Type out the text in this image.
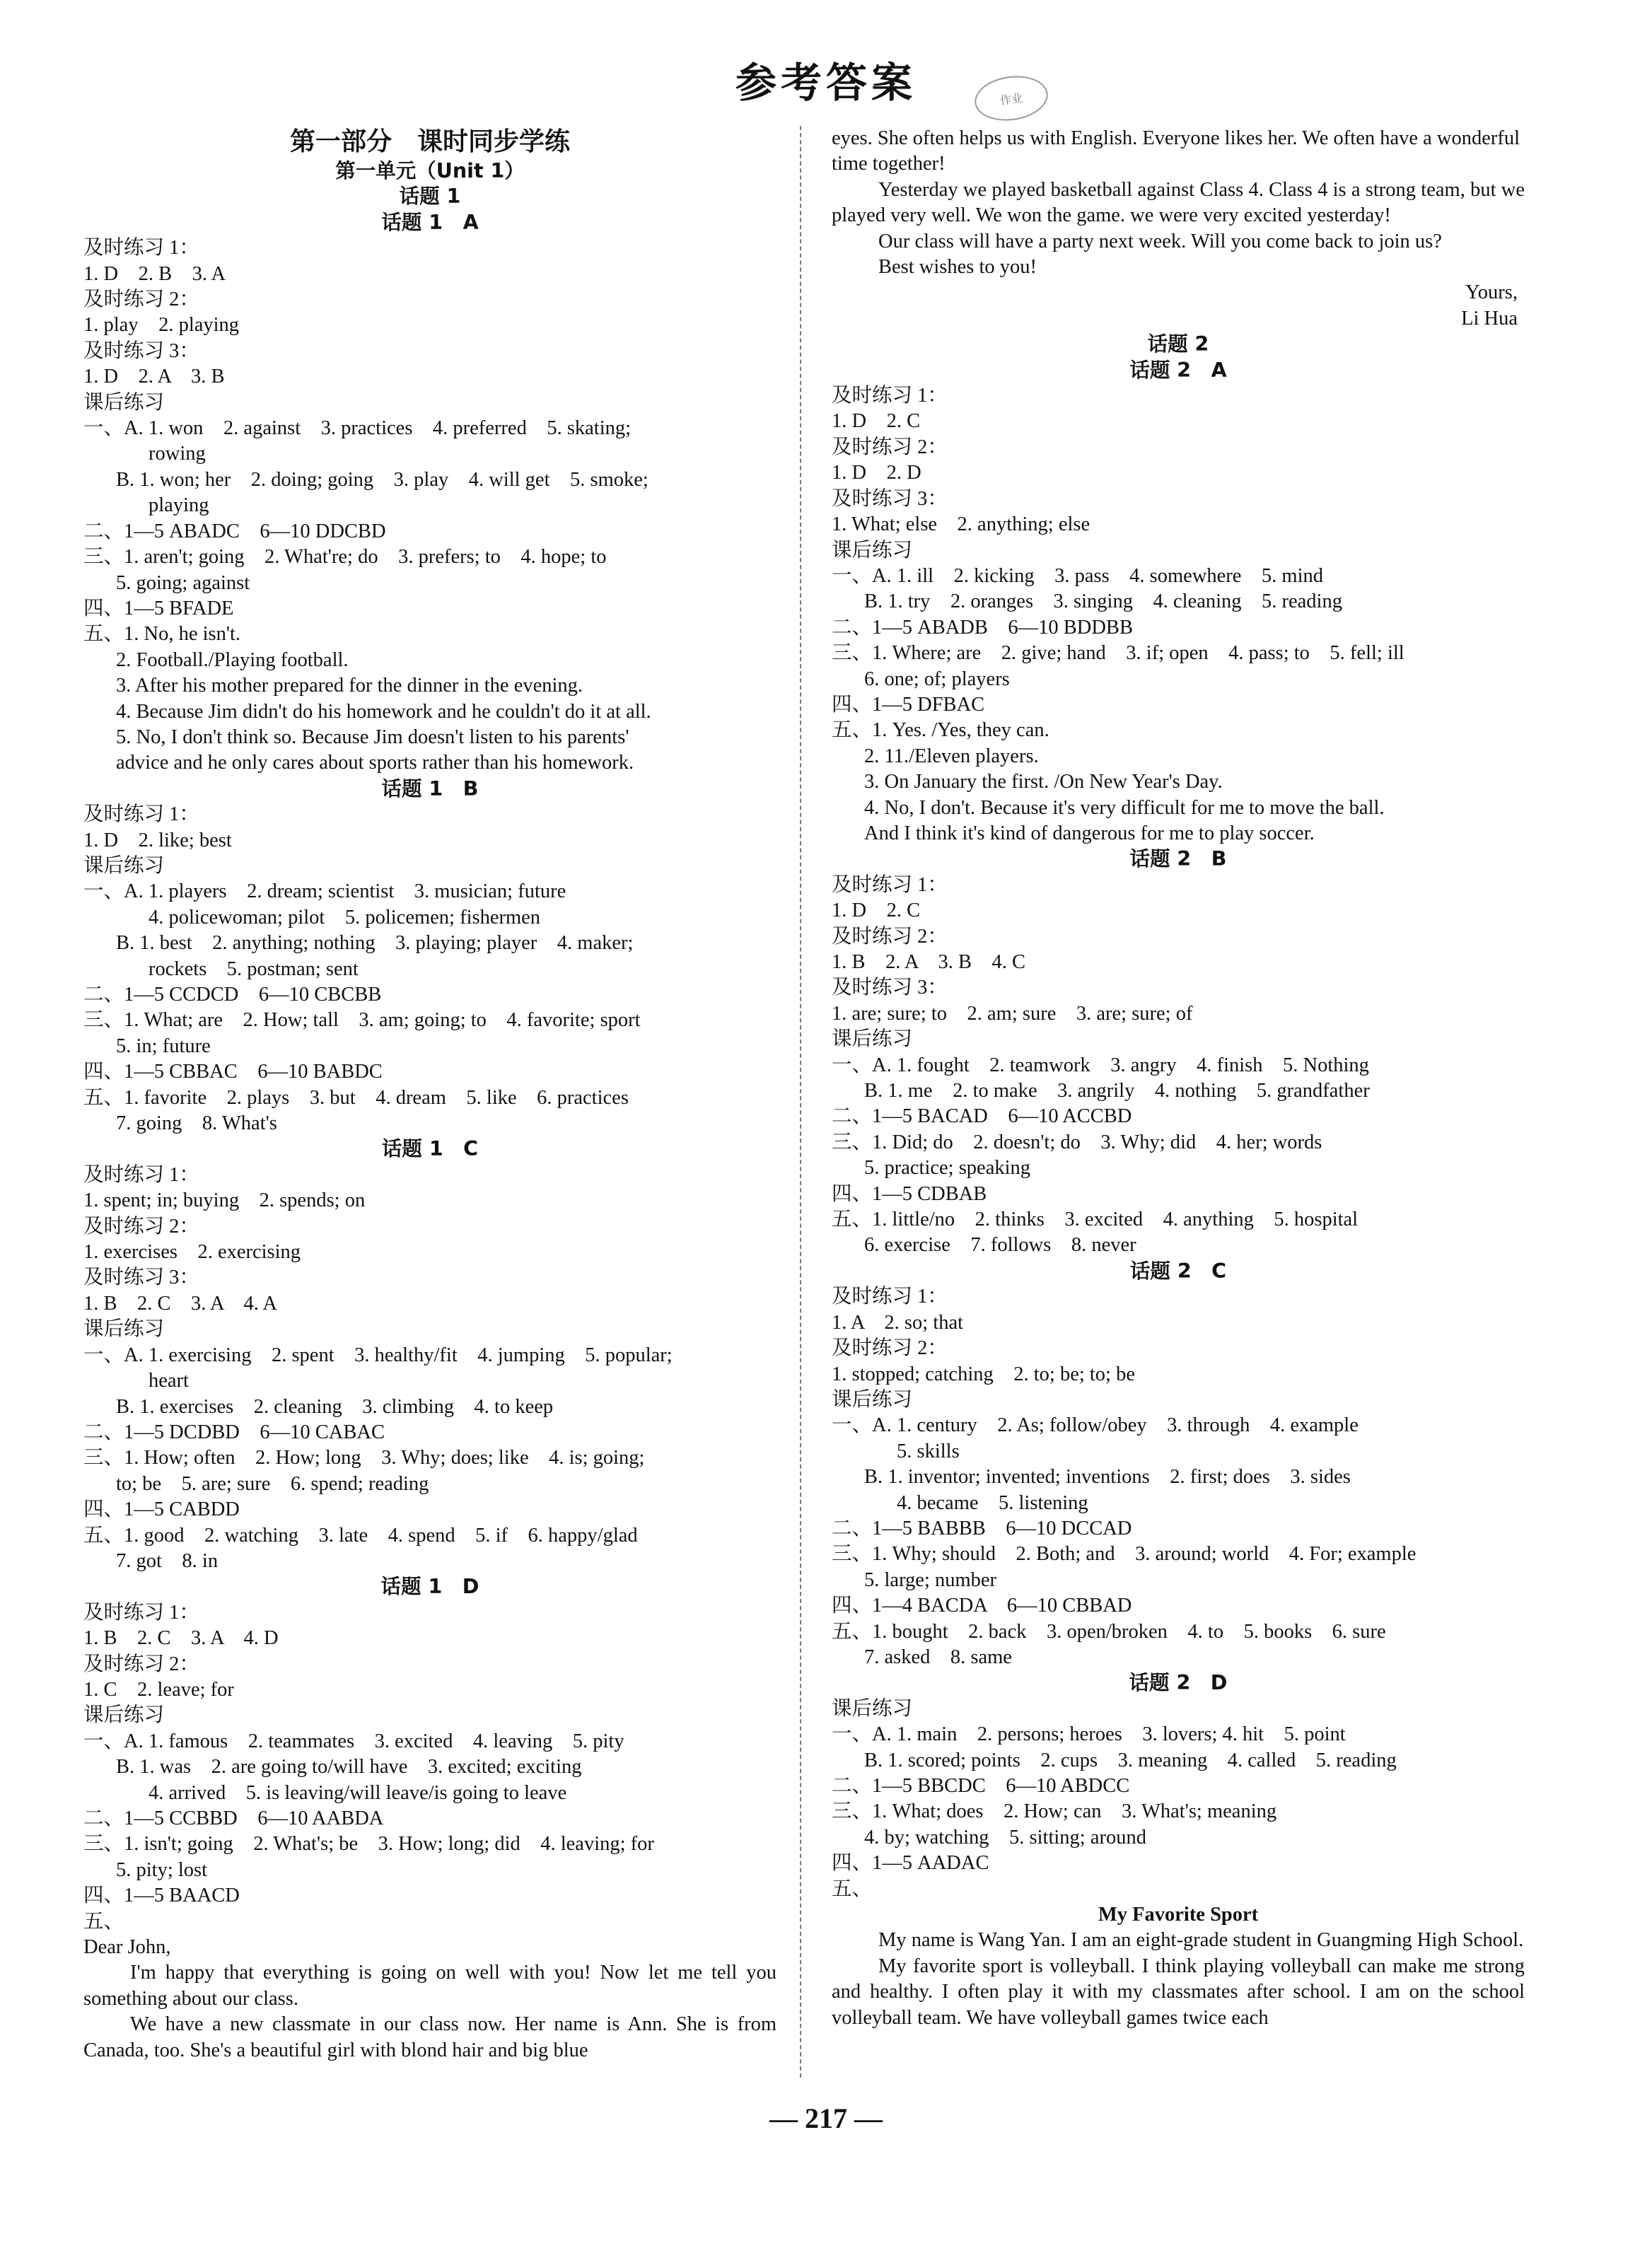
参考答案	作业
第一部分　课时同步学练
第一单元（Unit 1）
话题 1
话题 1　A
及时练习 1：
1. D　2. B　3. A
及时练习 2：
1. play　2. playing
及时练习 3：
1. D　2. A　3. B
课后练习
一、A. 1. won　2. against　3. practices　4. preferred　5. skating;
rowing
B. 1. won; her　2. doing; going　3. play　4. will get　5. smoke;
playing
二、1—5 ABADC　6—10 DDCBD
三、1. aren't; going　2. What're; do　3. prefers; to　4. hope; to
5. going; against
四、1—5 BFADE
五、1. No, he isn't.
2. Football./Playing football.
3. After his mother prepared for the dinner in the evening.
4. Because Jim didn't do his homework and he couldn't do it at all.
5. No, I don't think so. Because Jim doesn't listen to his parents'
advice and he only cares about sports rather than his homework.
话题 1　B
及时练习 1：
1. D　2. like; best
课后练习
一、A. 1. players　2. dream; scientist　3. musician; future
4. policewoman; pilot　5. policemen; fishermen
B. 1. best　2. anything; nothing　3. playing; player　4. maker;
rockets　5. postman; sent
二、1—5 CCDCD　6—10 CBCBB
三、1. What; are　2. How; tall　3. am; going; to　4. favorite; sport
5. in; future
四、1—5 CBBAC　6—10 BABDC
五、1. favorite　2. plays　3. but　4. dream　5. like　6. practices
7. going　8. What's
话题 1　C
及时练习 1：
1. spent; in; buying　2. spends; on
及时练习 2：
1. exercises　2. exercising
及时练习 3：
1. B　2. C　3. A　4. A
课后练习
一、A. 1. exercising　2. spent　3. healthy/fit　4. jumping　5. popular;
heart
B. 1. exercises　2. cleaning　3. climbing　4. to keep
二、1—5 DCDBD　6—10 CABAC
三、1. How; often　2. How; long　3. Why; does; like　4. is; going;
to; be　5. are; sure　6. spend; reading
四、1—5 CABDD
五、1. good　2. watching　3. late　4. spend　5. if　6. happy/glad
7. got　8. in
话题 1　D
及时练习 1：
1. B　2. C　3. A　4. D
及时练习 2：
1. C　2. leave; for
课后练习
一、A. 1. famous　2. teammates　3. excited　4. leaving　5. pity
B. 1. was　2. are going to/will have　3. excited; exciting
4. arrived　5. is leaving/will leave/is going to leave
二、1—5 CCBBD　6—10 AABDA
三、1. isn't; going　2. What's; be　3. How; long; did　4. leaving; for
5. pity; lost
四、1—5 BAACD
五、
Dear John,
I'm happy that everything is going on well with you! Now let me tell you something about our class.
We have a new classmate in our class now. Her name is Ann. She is from Canada, too. She's a beautiful girl with blond hair and big blue
eyes. She often helps us with English. Everyone likes her. We often have a wonderful time together!
Yesterday we played basketball against Class 4. Class 4 is a strong team, but we played very well. We won the game. we were very excited yesterday!
Our class will have a party next week. Will you come back to join us?
Best wishes to you!
Yours,
Li Hua
话题 2
话题 2　A
及时练习 1：
1. D　2. C
及时练习 2：
1. D　2. D
及时练习 3：
1. What; else　2. anything; else
课后练习
一、A. 1. ill　2. kicking　3. pass　4. somewhere　5. mind
B. 1. try　2. oranges　3. singing　4. cleaning　5. reading
二、1—5 ABADB　6—10 BDDBB
三、1. Where; are　2. give; hand　3. if; open　4. pass; to　5. fell; ill
6. one; of; players
四、1—5 DFBAC
五、1. Yes. /Yes, they can.
2. 11./Eleven players.
3. On January the first. /On New Year's Day.
4. No, I don't. Because it's very difficult for me to move the ball.
And I think it's kind of dangerous for me to play soccer.
话题 2　B
及时练习 1：
1. D　2. C
及时练习 2：
1. B　2. A　3. B　4. C
及时练习 3：
1. are; sure; to　2. am; sure　3. are; sure; of
课后练习
一、A. 1. fought　2. teamwork　3. angry　4. finish　5. Nothing
B. 1. me　2. to make　3. angrily　4. nothing　5. grandfather
二、1—5 BACAD　6—10 ACCBD
三、1. Did; do　2. doesn't; do　3. Why; did　4. her; words
5. practice; speaking
四、1—5 CDBAB
五、1. little/no　2. thinks　3. excited　4. anything　5. hospital
6. exercise　7. follows　8. never
话题 2　C
及时练习 1：
1. A　2. so; that
及时练习 2：
1. stopped; catching　2. to; be; to; be
课后练习
一、A. 1. century　2. As; follow/obey　3. through　4. example
5. skills
B. 1. inventor; invented; inventions　2. first; does　3. sides
4. became　5. listening
二、1—5 BABBB　6—10 DCCAD
三、1. Why; should　2. Both; and　3. around; world　4. For; example
5. large; number
四、1—4 BACDA　6—10 CBBAD
五、1. bought　2. back　3. open/broken　4. to　5. books　6. sure
7. asked　8. same
话题 2　D
课后练习
一、A. 1. main　2. persons; heroes　3. lovers; 4. hit　5. point
B. 1. scored; points　2. cups　3. meaning　4. called　5. reading
二、1—5 BBCDC　6—10 ABDCC
三、1. What; does　2. How; can　3. What's; meaning
4. by; watching　5. sitting; around
四、1—5 AADAC
五、
My Favorite Sport
My name is Wang Yan. I am an eight-grade student in Guangming High School.
My favorite sport is volleyball. I think playing volleyball can make me strong and healthy. I often play it with my classmates after school. I am on the school volleyball team. We have volleyball games twice each
— 217 —
